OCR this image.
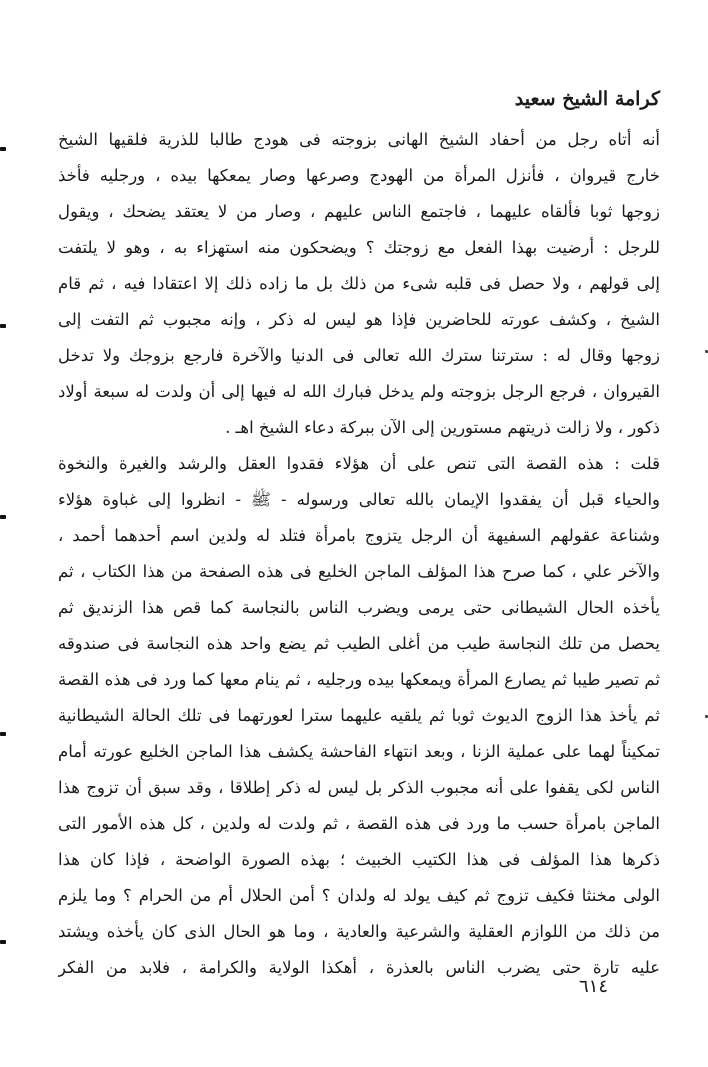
كرامة الشيخ سعيد
أنه أتاه رجل من أحفاد الشيخ الهانى بزوجته فى هودج طالبا للذرية فلقيها الشيخ
خارج قيروان ، فأنزل المرأة من الهودج وصرعها وصار يمعكها بيده ، ورجليه فأخذ
زوجها ثوبا فألقاه عليهما ، فاجتمع الناس عليهم ، وصار من لا يعتقد يضحك ، ويقول
للرجل : أرضيت بهذا الفعل مع زوجتك ؟ ويضحكون منه استهزاء به ، وهو لا يلتفت
إلى قولهم ، ولا حصل فى قلبه شىء من ذلك بل ما زاده ذلك إلا اعتقادا فيه ، ثم قام
الشيخ ، وكشف عورته للحاضرين فإذا هو ليس له ذكر ، وإنه مجبوب ثم التفت إلى
زوجها وقال له : سترتنا سترك الله تعالى فى الدنيا والآخرة فارجع بزوجك ولا تدخل
القيروان ، فرجع الرجل بزوجته ولم يدخل فبارك الله له فيها إلى أن ولدت له سبعة أولاد
ذكور ، ولا زالت ذريتهم مستورين إلى الآن ببركة دعاء الشيخ اهـ .
قلت : هذه القصة التى تنص على أن هؤلاء فقدوا العقل والرشد والغيرة والنخوة
والحياء قبل أن يفقدوا الإيمان بالله تعالى ورسوله - ﷺ - انظروا إلى غباوة هؤلاء
وشناعة عقولهم السفيهة أن الرجل يتزوج بامرأة فتلد له ولدين اسم أحدهما أحمد ،
والآخر علي ، كما صرح هذا المؤلف الماجن الخليع فى هذه الصفحة من هذا الكتاب ، ثم
يأخذه الحال الشيطانى حتى يرمى ويضرب الناس بالنجاسة كما قص هذا الزنديق ثم
يحصل من تلك النجاسة طيب من أغلى الطيب ثم يضع واحد هذه النجاسة فى صندوقه
ثم تصير طيبا ثم يصارع المرأة ويمعكها بيده ورجليه ، ثم ينام معها كما ورد فى هذه القصة
ثم يأخذ هذا الزوج الديوث ثوبا ثم يلقيه عليهما سترا لعورتهما فى تلك الحالة الشيطانية
تمكيناً لهما على عملية الزنا ، وبعد انتهاء الفاحشة يكشف هذا الماجن الخليع عورته أمام
الناس لكى يقفوا على أنه مجبوب الذكر بل ليس له ذكر إطلاقا ، وقد سبق أن تزوج هذا
الماجن بامرأة حسب ما ورد فى هذه القصة ، ثم ولدت له ولدين ، كل هذه الأمور التى
ذكرها هذا المؤلف فى هذا الكتيب الخبيث ؛ بهذه الصورة الواضحة ، فإذا كان هذا
الولى مخنثا فكيف تزوج ثم كيف يولد له ولدان ؟ أمن الحلال أم من الحرام ؟ وما يلزم
من ذلك من اللوازم العقلية والشرعية والعادية ، وما هو الحال الذى كان يأخذه ويشتد
عليه تارة حتى يضرب الناس بالعذرة ، أهكذا الولاية والكرامة ، فلابد من الفكر
٦١٤
